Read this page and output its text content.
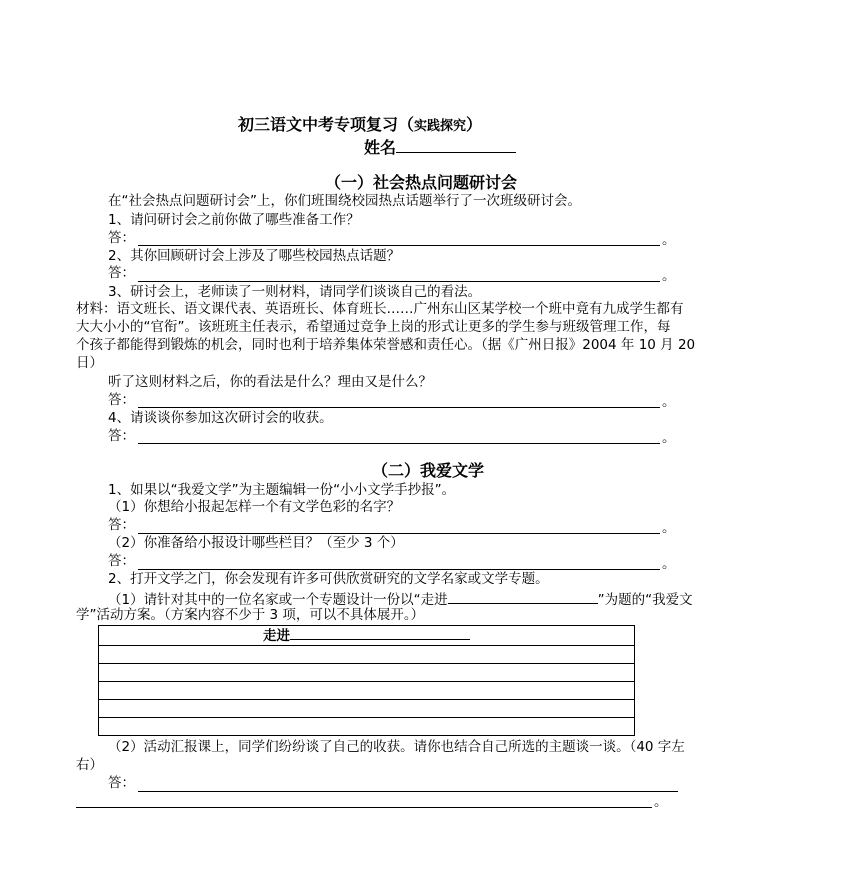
初三语文中考专项复习（实践探究）
姓名
（一）社会热点问题研讨会
在“社会热点问题研讨会”上，你们班围绕校园热点话题举行了一次班级研讨会。
1、请问研讨会之前你做了哪些准备工作？
答：	。
2、其你回顾研讨会上涉及了哪些校园热点话题？
答：	。
3、研讨会上，老师读了一则材料，请同学们谈谈自己的看法。
材料：语文班长、语文课代表、英语班长、体育班长……广州东山区某学校一个班中竟有九成学生都有
大大小小的“官衔”。该班班主任表示，希望通过竞争上岗的形式让更多的学生参与班级管理工作，每
个孩子都能得到锻炼的机会，同时也利于培养集体荣誉感和责任心。（据《广州日报》2004 年 10 月 20
日）
听了这则材料之后，你的看法是什么？理由又是什么？
答：	。
4、请谈谈你参加这次研讨会的收获。
答：	。
（二）我爱文学
1、如果以“我爱文学”为主题编辑一份“小小文学手抄报”。
（1）你想给小报起怎样一个有文学色彩的名字？
答：	。
（2）你准备给小报设计哪些栏目？（至少 3 个）
答：	。
2、打开文学之门，你会发现有许多可供欣赏研究的文学名家或文学专题。
（1）请针对其中的一位名家或一个专题设计一份以“走进	”为题的“我爱文
学”活动方案。（方案内容不少于 3 项，可以不具体展开。）
走进

（2）活动汇报课上，同学们纷纷谈了自己的收获。请你也结合自己所选的主题谈一谈。（40 字左
右）
答：
。
